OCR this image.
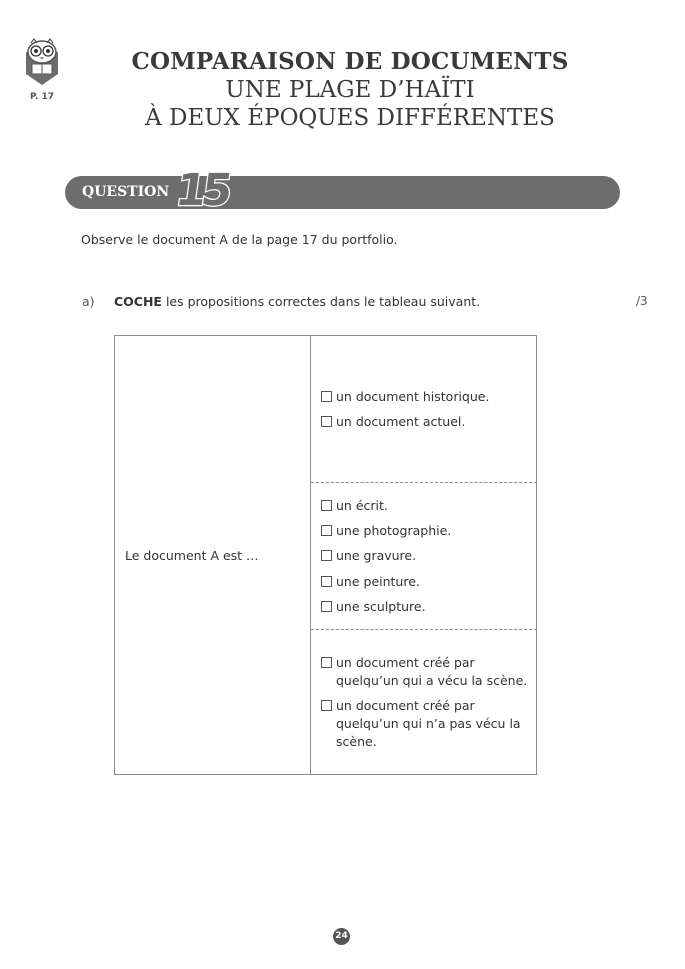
P. 17
COMPARAISON DE DOCUMENTS
UNE PLAGE D’HAÏTI
À DEUX ÉPOQUES DIFFÉRENTES
QUESTION 15
Observe le document A de la page 17 du portfolio.
a) COCHE les propositions correctes dans le tableau suivant.	/3
Le document A est …
un document historique.
un document actuel.
un écrit.
une photographie.
une gravure.
une peinture.
une sculpture.
un document créé par
quelqu’un qui a vécu la scène.
un document créé par
quelqu’un qui n’a pas vécu la
scène.
24
